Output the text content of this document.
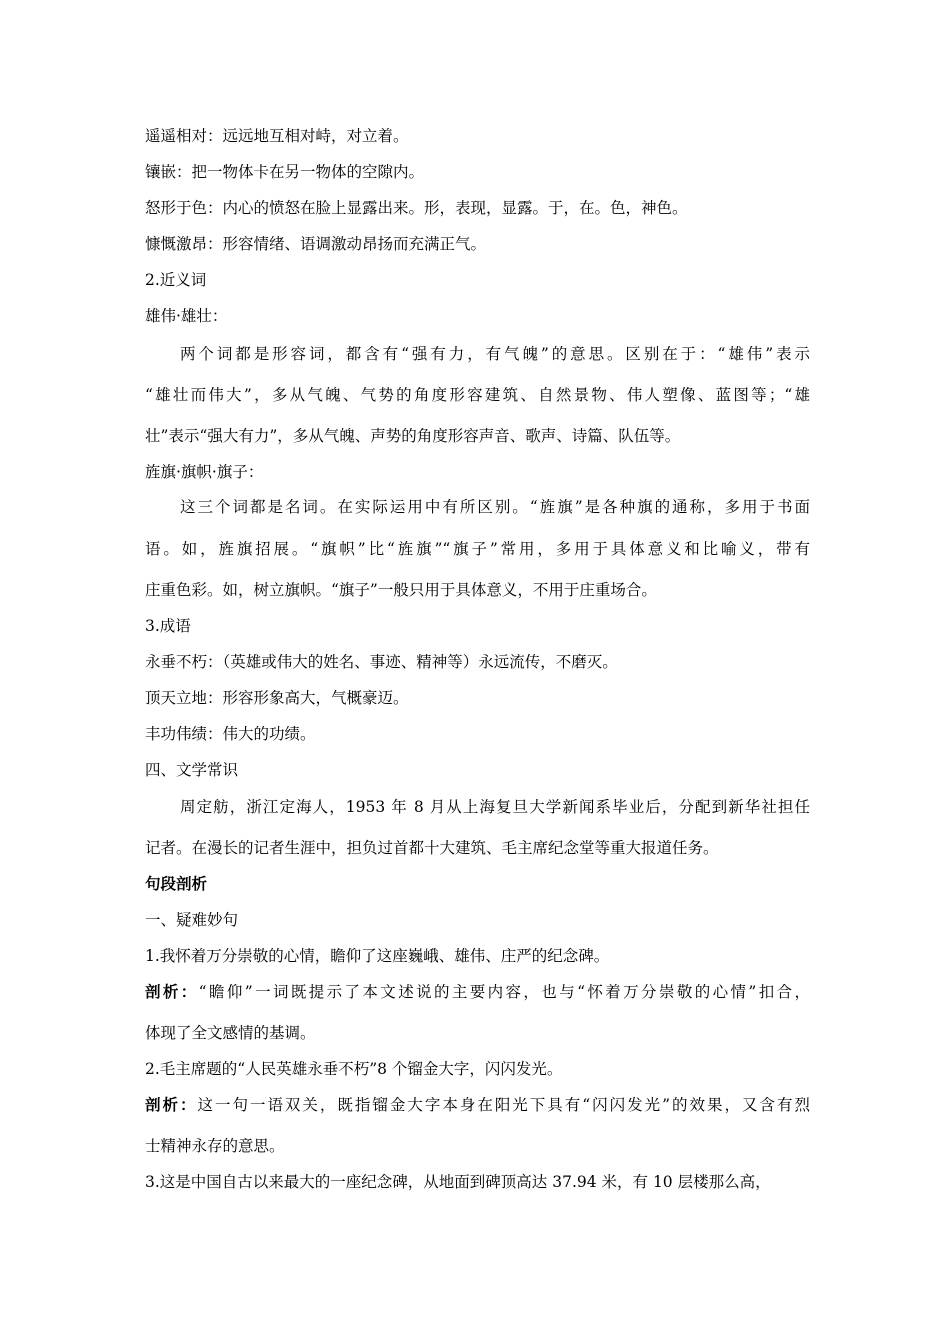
遥遥相对：远远地互相对峙，对立着。
镶嵌：把一物体卡在另一物体的空隙内。
怒形于色：内心的愤怒在脸上显露出来。形，表现，显露。于，在。色，神色。
慷慨激昂：形容情绪、语调激动昂扬而充满正气。
2.近义词
雄伟·雄壮：
两个词都是形容词，都含有“强有力，有气魄”的意思。区别在于：“雄伟”表示
“雄壮而伟大”，多从气魄、气势的角度形容建筑、自然景物、伟人塑像、蓝图等；“雄
壮”表示“强大有力”，多从气魄、声势的角度形容声音、歌声、诗篇、队伍等。
旌旗·旗帜·旗子：
这三个词都是名词。在实际运用中有所区别。“旌旗”是各种旗的通称，多用于书面
语。如，旌旗招展。“旗帜”比“旌旗”“旗子”常用，多用于具体意义和比喻义，带有
庄重色彩。如，树立旗帜。“旗子”一般只用于具体意义，不用于庄重场合。
3.成语
永垂不朽：（英雄或伟大的姓名、事迹、精神等）永远流传，不磨灭。
顶天立地：形容形象高大，气概豪迈。
丰功伟绩：伟大的功绩。
四、文学常识
周定舫，浙江定海人，1953 年 8 月从上海复旦大学新闻系毕业后，分配到新华社担任
记者。在漫长的记者生涯中，担负过首都十大建筑、毛主席纪念堂等重大报道任务。
句段剖析
一、疑难妙句
1.我怀着万分崇敬的心情，瞻仰了这座巍峨、雄伟、庄严的纪念碑。
剖析：“瞻仰”一词既提示了本文述说的主要内容，也与“怀着万分崇敬的心情”扣合，
体现了全文感情的基调。
2.毛主席题的“人民英雄永垂不朽”8 个镏金大字，闪闪发光。
剖析：这一句一语双关，既指镏金大字本身在阳光下具有“闪闪发光”的效果，又含有烈
士精神永存的意思。
3.这是中国自古以来最大的一座纪念碑，从地面到碑顶高达 37.94 米，有 10 层楼那么高，
